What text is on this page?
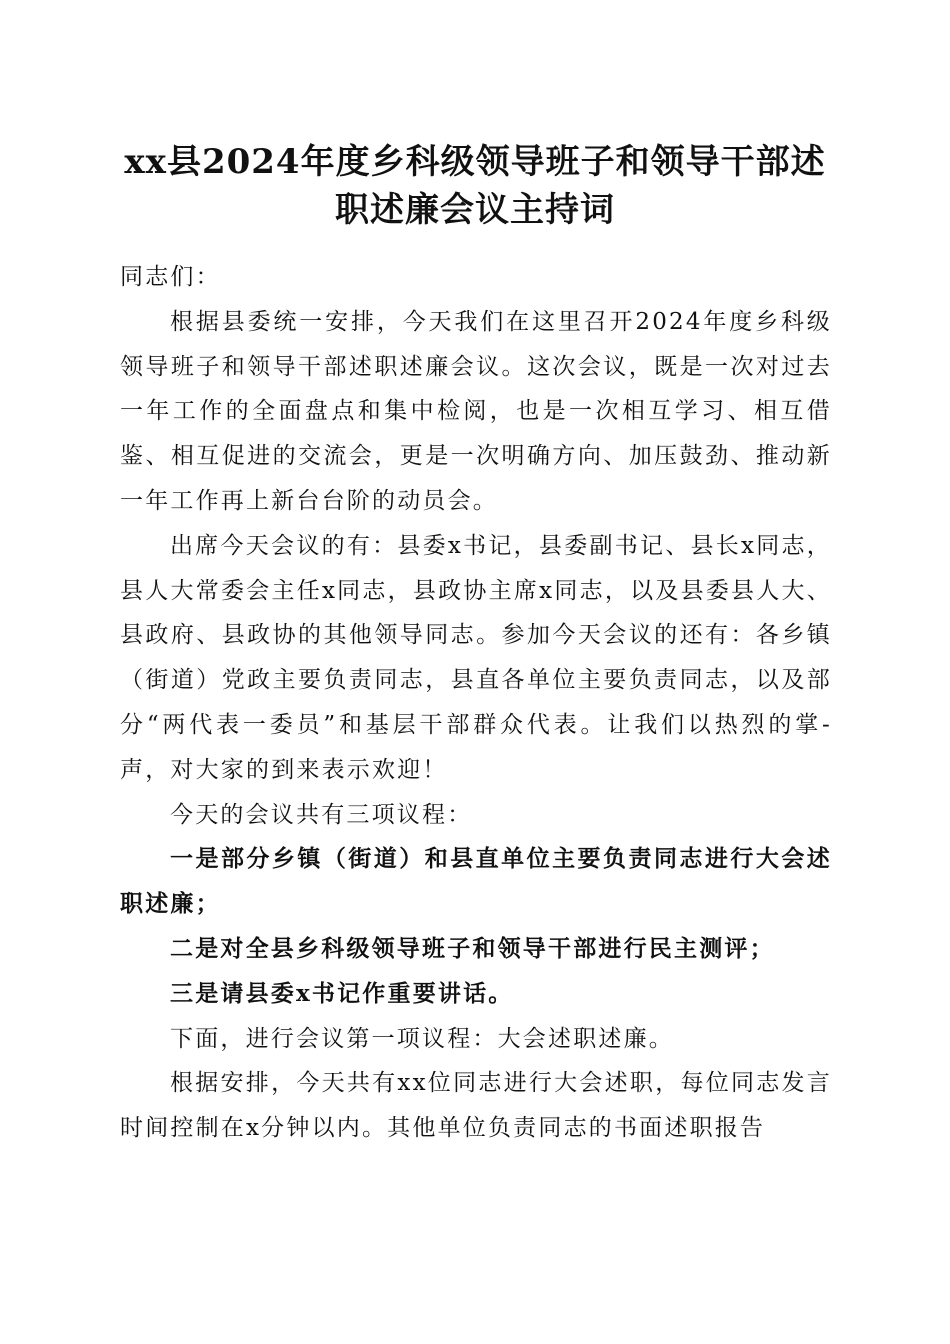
xx县2024年度乡科级领导班子和领导干部述
职述廉会议主持词

同志们：

根据县委统一安排，今天我们在这里召开2024年度乡科级领导班子和领导干部述职述廉会议。这次会议，既是一次对过去一年工作的全面盘点和集中检阅，也是一次相互学习、相互借鉴、相互促进的交流会，更是一次明确方向、加压鼓劲、推动新一年工作再上新台台阶的动员会。

出席今天会议的有：县委x书记，县委副书记、县长x同志，县人大常委会主任x同志，县政协主席x同志，以及县委县人大、县政府、县政协的其他领导同志。参加今天会议的还有：各乡镇（街道）党政主要负责同志，县直各单位主要负责同志，以及部分“两代表一委员”和基层干部群众代表。让我们以热烈的掌-声，对大家的到来表示欢迎！

今天的会议共有三项议程：

一是部分乡镇（街道）和县直单位主要负责同志进行大会述职述廉；

二是对全县乡科级领导班子和领导干部进行民主测评；

三是请县委x书记作重要讲话。

下面，进行会议第一项议程：大会述职述廉。

根据安排，今天共有xx位同志进行大会述职，每位同志发言时间控制在x分钟以内。其他单位负责同志的书面述职报告
